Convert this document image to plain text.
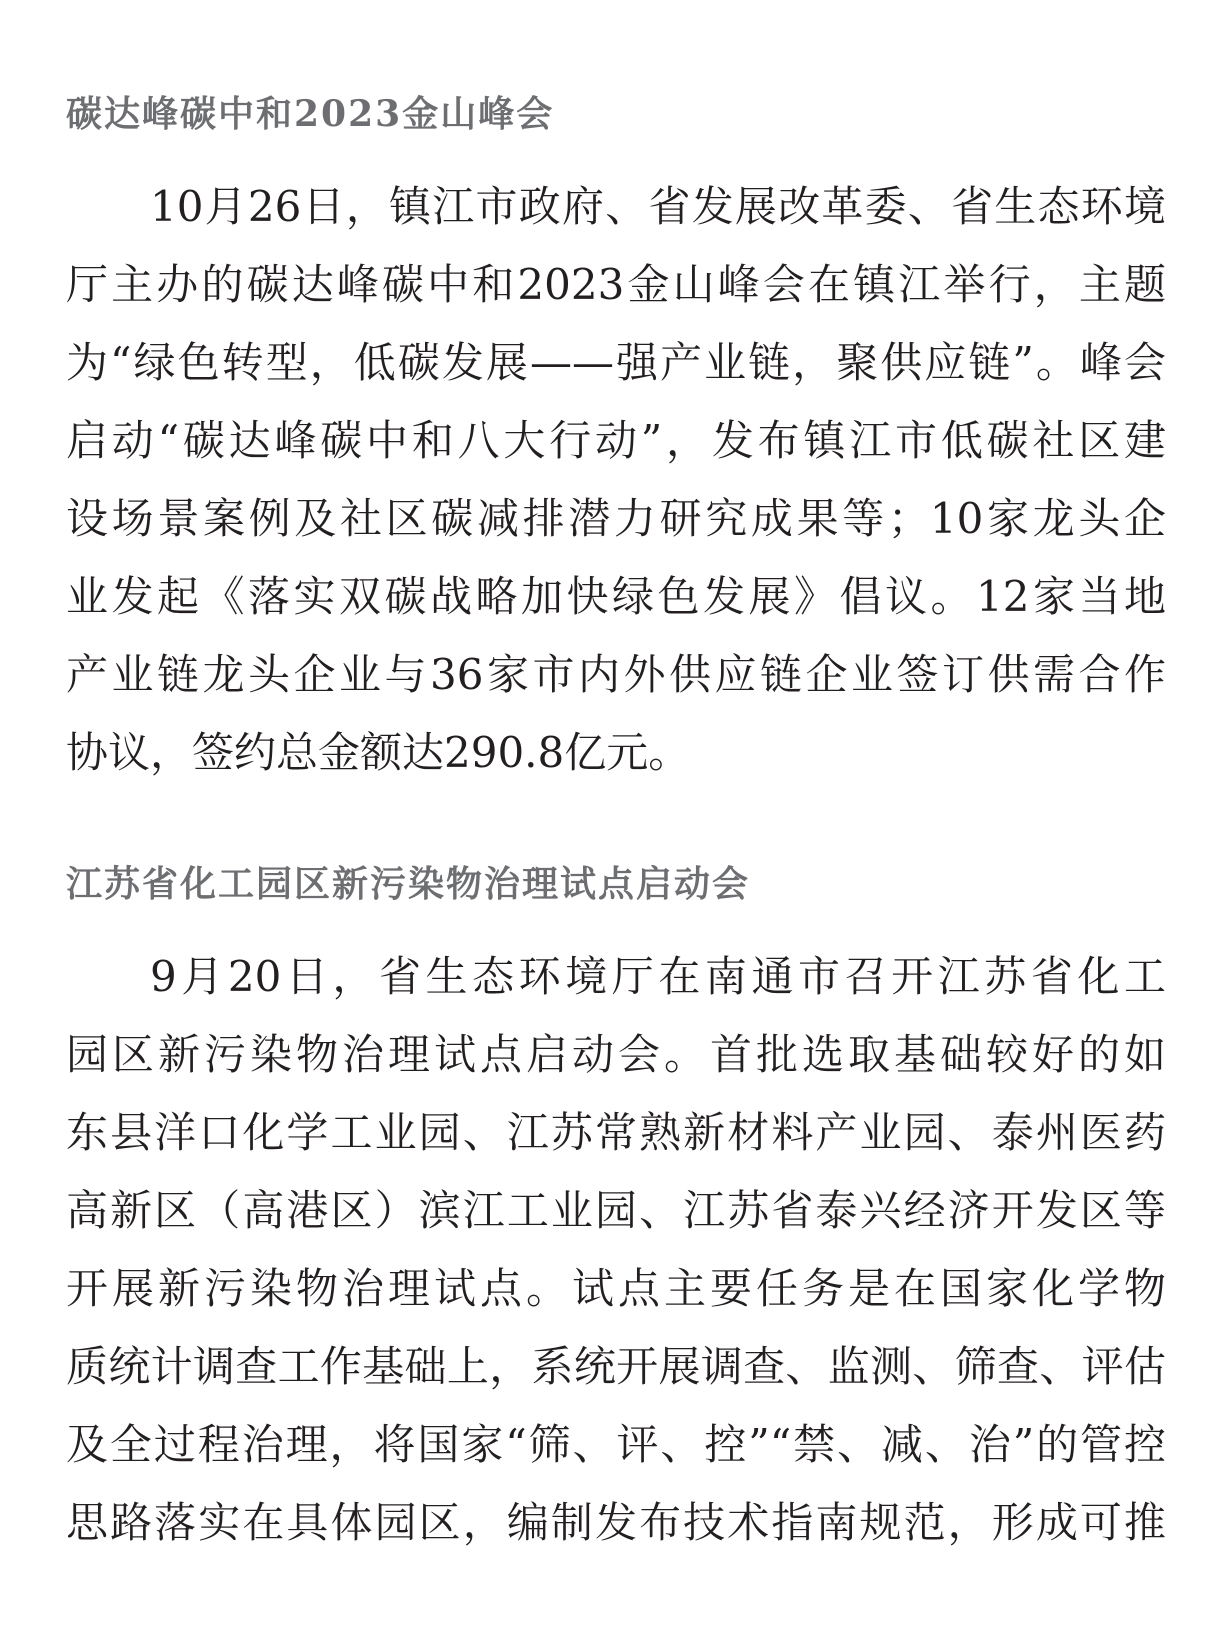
碳达峰碳中和2023金山峰会
10月26日，镇江市政府、省发展改革委、省生态环境
厅主办的碳达峰碳中和2023金山峰会在镇江举行，主题
为“绿色转型，低碳发展——强产业链，聚供应链”。峰会
启动“碳达峰碳中和八大行动”，发布镇江市低碳社区建
设场景案例及社区碳减排潜力研究成果等；10家龙头企
业发起《落实双碳战略加快绿色发展》倡议。12家当地
产业链龙头企业与36家市内外供应链企业签订供需合作
协议，签约总金额达290.8亿元。
江苏省化工园区新污染物治理试点启动会
9月20日，省生态环境厅在南通市召开江苏省化工
园区新污染物治理试点启动会。首批选取基础较好的如
东县洋口化学工业园、江苏常熟新材料产业园、泰州医药
高新区（高港区）滨江工业园、江苏省泰兴经济开发区等
开展新污染物治理试点。试点主要任务是在国家化学物
质统计调查工作基础上，系统开展调查、监测、筛查、评估
及全过程治理，将国家“筛、评、控”“禁、减、治”的管控
思路落实在具体园区，编制发布技术指南规范，形成可推
